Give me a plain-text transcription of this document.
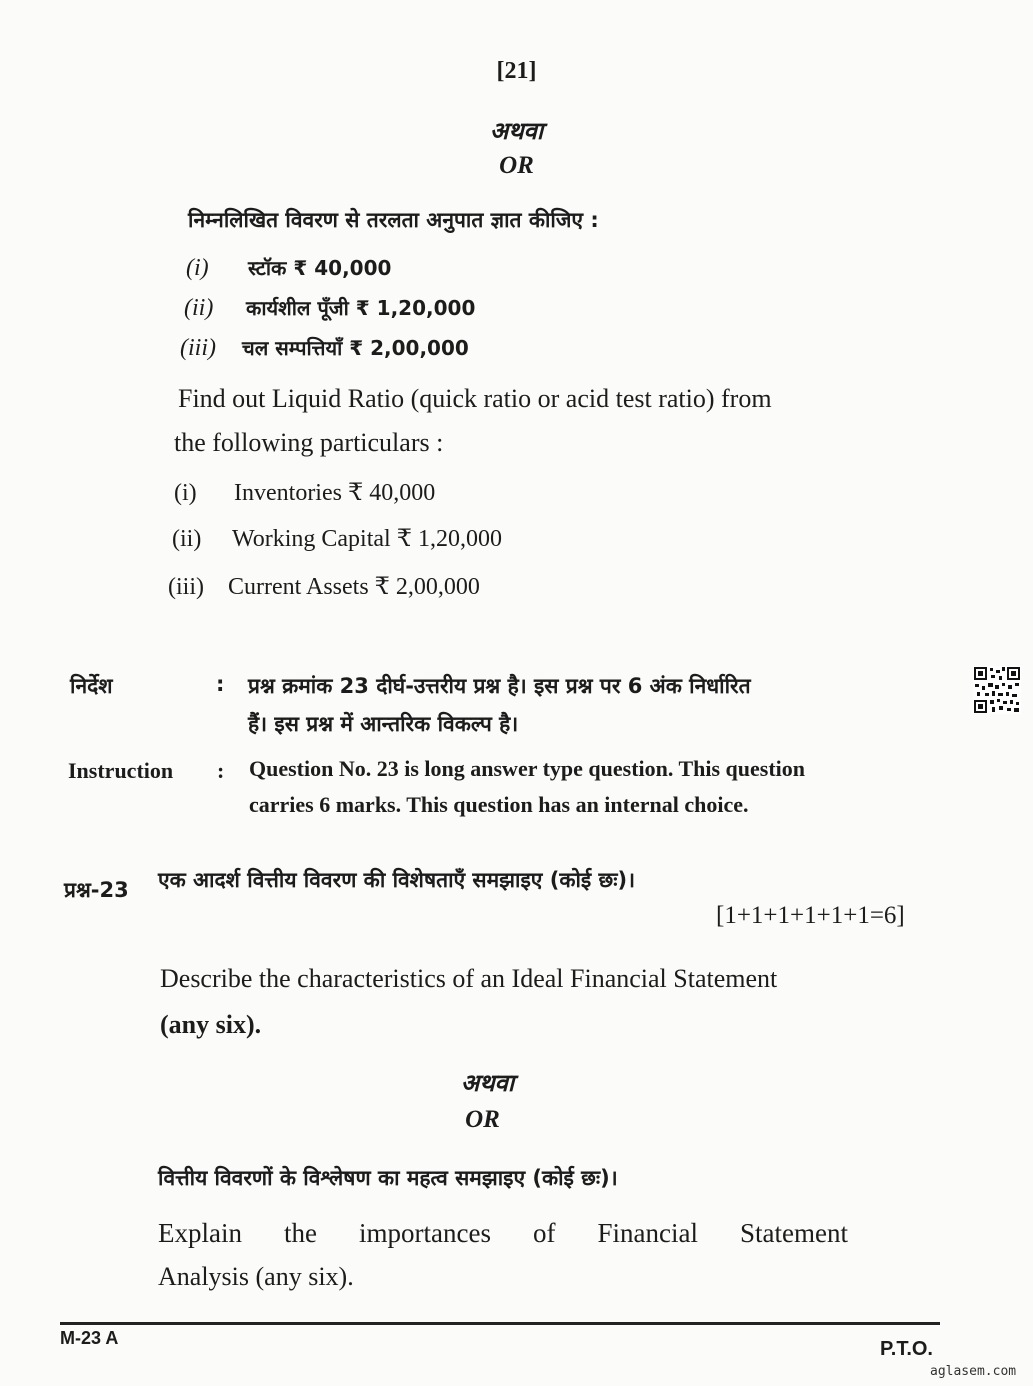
[21]
अथवा
OR
निम्नलिखित विवरण से तरलता अनुपात ज्ञात कीजिए :
(i) स्टॉक ₹ 40,000
(ii) कार्यशील पूँजी ₹ 1,20,000
(iii) चल सम्पत्तियाँ ₹ 2,00,000
Find out Liquid Ratio (quick ratio or acid test ratio) from
the following particulars :
(i) Inventories ₹ 40,000
(ii) Working Capital ₹ 1,20,000
(iii) Current Assets ₹ 2,00,000
निर्देश	: प्रश्न क्रमांक 23 दीर्घ-उत्तरीय प्रश्न है। इस प्रश्न पर 6 अंक निर्धारित
हैं। इस प्रश्न में आन्तरिक विकल्प है।
Instruction : Question No. 23 is long answer type question. This question
carries 6 marks. This question has an internal choice.
प्रश्न-23 एक आदर्श वित्तीय विवरण की विशेषताएँ समझाइए (कोई छः)।
[1+1+1+1+1+1=6]
Describe the characteristics of an Ideal Financial Statement
(any six).
अथवा
OR
वित्तीय विवरणों के विश्लेषण का महत्व समझाइए (कोई छः)।
Explain the importances of Financial Statement
Analysis (any six).
M-23 A	P.T.O.
aglasem.com
